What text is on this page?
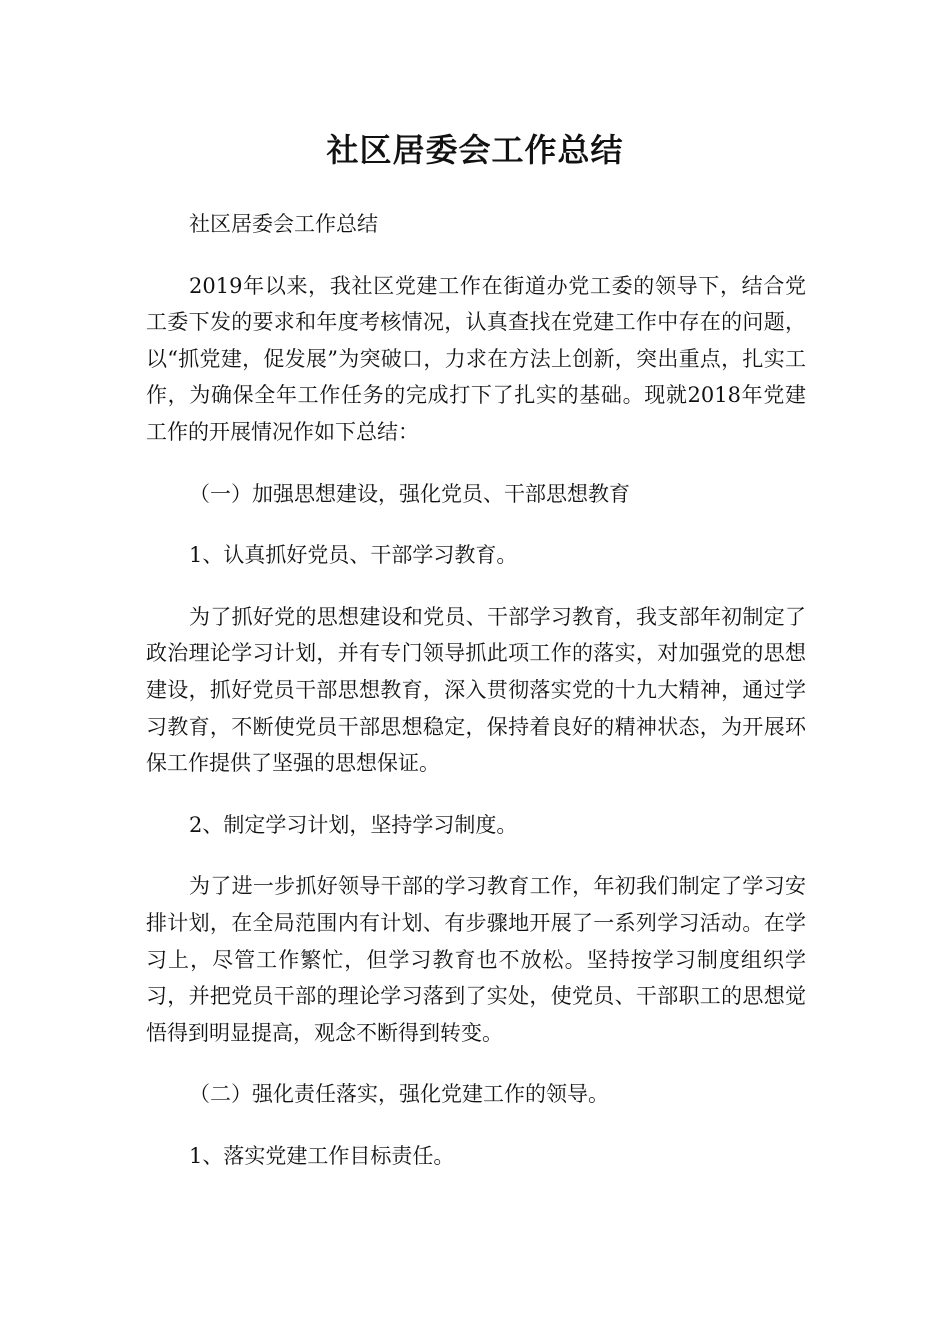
社区居委会工作总结

社区居委会工作总结

2019年以来，我社区党建工作在街道办党工委的领导下，结合党工委下发的要求和年度考核情况，认真查找在党建工作中存在的问题，以“抓党建，促发展”为突破口，力求在方法上创新，突出重点，扎实工作，为确保全年工作任务的完成打下了扎实的基础。现就2018年党建工作的开展情况作如下总结：

（一）加强思想建设，强化党员、干部思想教育

1、认真抓好党员、干部学习教育。

为了抓好党的思想建设和党员、干部学习教育，我支部年初制定了政治理论学习计划，并有专门领导抓此项工作的落实，对加强党的思想建设，抓好党员干部思想教育，深入贯彻落实党的十九大精神，通过学习教育，不断使党员干部思想稳定，保持着良好的精神状态，为开展环保工作提供了坚强的思想保证。

2、制定学习计划，坚持学习制度。

为了进一步抓好领导干部的学习教育工作，年初我们制定了学习安排计划，在全局范围内有计划、有步骤地开展了一系列学习活动。在学习上，尽管工作繁忙，但学习教育也不放松。坚持按学习制度组织学习，并把党员干部的理论学习落到了实处，使党员、干部职工的思想觉悟得到明显提高，观念不断得到转变。

（二）强化责任落实，强化党建工作的领导。

1、落实党建工作目标责任。
